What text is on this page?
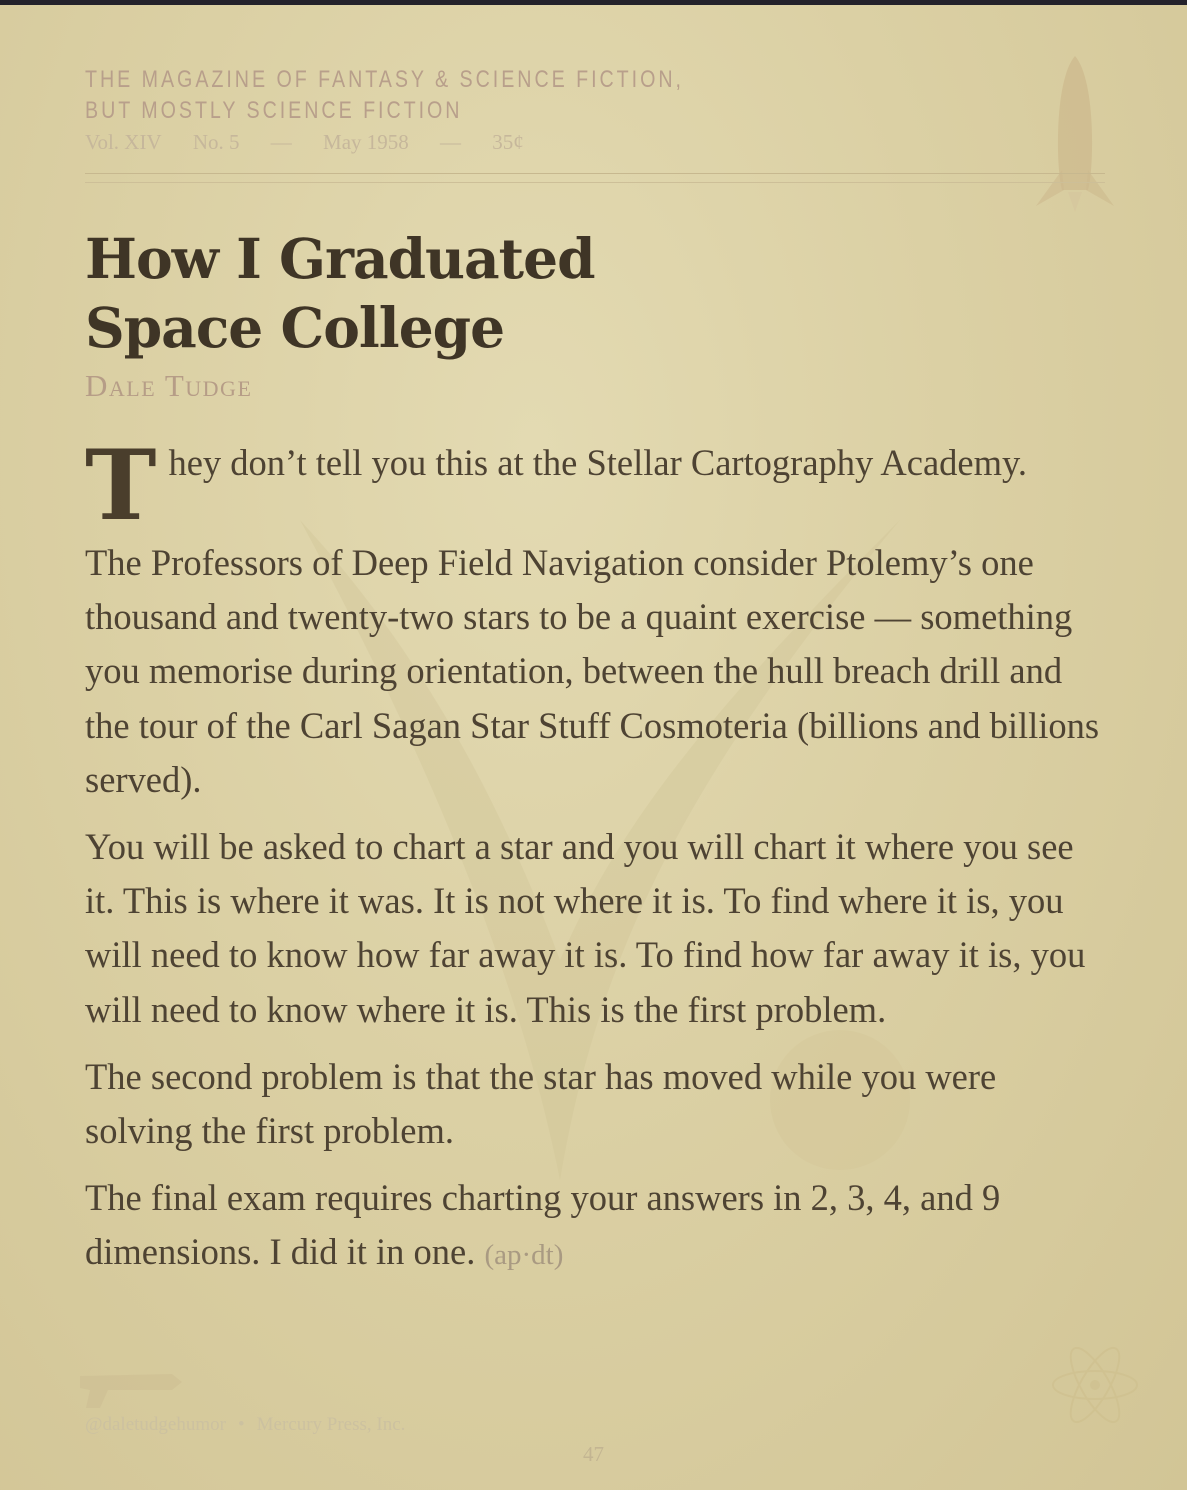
THE MAGAZINE OF FANTASY & SCIENCE FICTION,
BUT MOSTLY SCIENCE FICTION
Vol. XIV No. 5 — May 1958 — 35¢
How I Graduated
Space College
Dale Tudge

They don’t tell you this at the Stellar Cartography Academy.

The Professors of Deep Field Navigation consider Ptolemy’s one thousand and twenty-two stars to be a quaint exercise — something you memorise during orientation, between the hull breach drill and the tour of the Carl Sagan Star Stuff Cosmoteria (billions and billions served).

You will be asked to chart a star and you will chart it where you see it. This is where it was. It is not where it is. To find where it is, you will need to know how far away it is. To find how far away it is, you will need to know where it is. This is the first problem.

The second problem is that the star has moved while you were solving the first problem.

The final exam requires charting your answers in 2, 3, 4, and 9 dimensions. I did it in one. (ap·dt)

@daletudgehumor • Mercury Press, Inc.
47
